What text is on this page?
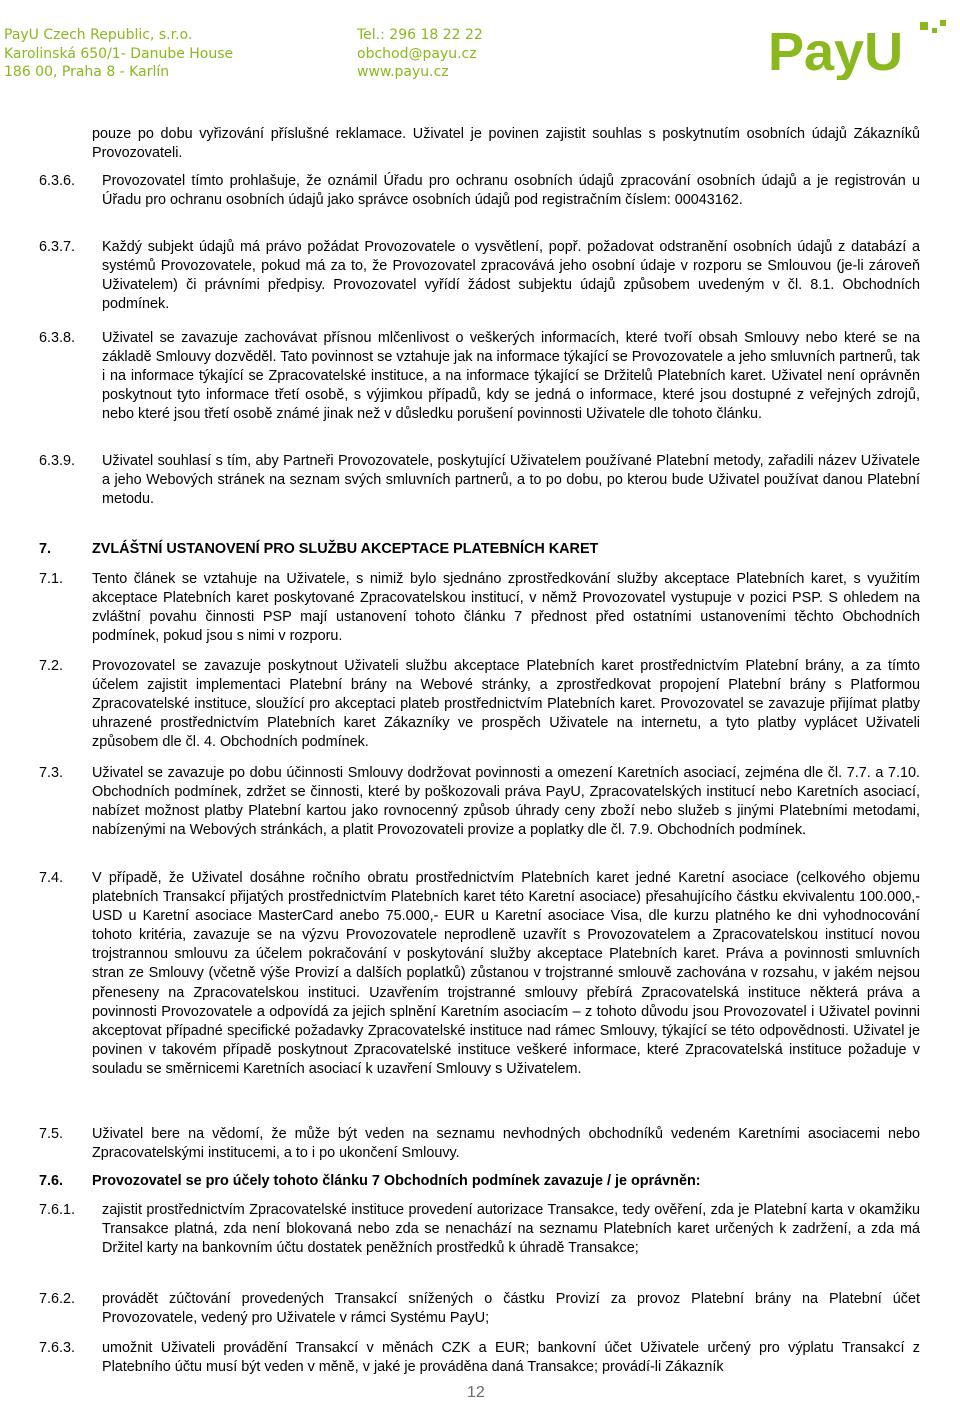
PayU Czech Republic, s.r.o.
Karolinská 650/1- Danube House
186 00, Praha 8 - Karlín
Tel.: 296 18 22 22
obchod@payu.cz
www.payu.cz	PayU
pouze po dobu vyřizování příslušné reklamace. Uživatel je povinen zajistit souhlas s poskytnutím osobních údajů Zákazníků Provozovateli.
6.3.6. Provozovatel tímto prohlašuje, že oznámil Úřadu pro ochranu osobních údajů zpracování osobních údajů a je registrován u Úřadu pro ochranu osobních údajů jako správce osobních údajů pod registračním číslem: 00043162.
6.3.7. Každý subjekt údajů má právo požádat Provozovatele o vysvětlení, popř. požadovat odstranění osobních údajů z databází a systémů Provozovatele, pokud má za to, že Provozovatel zpracovává jeho osobní údaje v rozporu se Smlouvou (je-li zároveň Uživatelem) či právními předpisy. Provozovatel vyřídí žádost subjektu údajů způsobem uvedeným v čl. 8.1. Obchodních podmínek.
6.3.8. Uživatel se zavazuje zachovávat přísnou mlčenlivost o veškerých informacích, které tvoří obsah Smlouvy nebo které se na základě Smlouvy dozvěděl. Tato povinnost se vztahuje jak na informace týkající se Provozovatele a jeho smluvních partnerů, tak i na informace týkající se Zpracovatelské instituce, a na informace týkající se Držitelů Platebních karet. Uživatel není oprávněn poskytnout tyto informace třetí osobě, s výjimkou případů, kdy se jedná o informace, které jsou dostupné z veřejných zdrojů, nebo které jsou třetí osobě známé jinak než v důsledku porušení povinnosti Uživatele dle tohoto článku.
6.3.9. Uživatel souhlasí s tím, aby Partneři Provozovatele, poskytující Uživatelem používané Platební metody, zařadili název Uživatele a jeho Webových stránek na seznam svých smluvních partnerů, a to po dobu, po kterou bude Uživatel používat danou Platební metodu.
7.	ZVLÁŠTNÍ USTANOVENÍ PRO SLUŽBU AKCEPTACE PLATEBNÍCH KARET
7.1. Tento článek se vztahuje na Uživatele, s nimiž bylo sjednáno zprostředkování služby akceptace Platebních karet, s využitím akceptace Platebních karet poskytované Zpracovatelskou institucí, v němž Provozovatel vystupuje v pozici PSP. S ohledem na zvláštní povahu činnosti PSP mají ustanovení tohoto článku 7 přednost před ostatními ustanoveními těchto Obchodních podmínek, pokud jsou s nimi v rozporu.
7.2. Provozovatel se zavazuje poskytnout Uživateli službu akceptace Platebních karet prostřednictvím Platební brány, a za tímto účelem zajistit implementaci Platební brány na Webové stránky, a zprostředkovat propojení Platební brány s Platformou Zpracovatelské instituce, sloužící pro akceptaci plateb prostřednictvím Platebních karet. Provozovatel se zavazuje přijímat platby uhrazené prostřednictvím Platebních karet Zákazníky ve prospěch Uživatele na internetu, a tyto platby vyplácet Uživateli způsobem dle čl. 4. Obchodních podmínek.
7.3. Uživatel se zavazuje po dobu účinnosti Smlouvy dodržovat povinnosti a omezení Karetních asociací, zejména dle čl. 7.7. a 7.10. Obchodních podmínek, zdržet se činnosti, které by poškozovali práva PayU, Zpracovatelských institucí nebo Karetních asociací, nabízet možnost platby Platební kartou jako rovnocenný způsob úhrady ceny zboží nebo služeb s jinými Platebními metodami, nabízenými na Webových stránkách, a platit Provozovateli provize a poplatky dle čl. 7.9. Obchodních podmínek.
7.4. V případě, že Uživatel dosáhne ročního obratu prostřednictvím Platebních karet jedné Karetní asociace (celkového objemu platebních Transakcí přijatých prostřednictvím Platebních karet této Karetní asociace) přesahujícího částku ekvivalentu 100.000,- USD u Karetní asociace MasterCard anebo 75.000,- EUR u Karetní asociace Visa, dle kurzu platného ke dni vyhodnocování tohoto kritéria, zavazuje se na výzvu Provozovatele neprodleně uzavřít s Provozovatelem a Zpracovatelskou institucí novou trojstrannou smlouvu za účelem pokračování v poskytování služby akceptace Platebních karet. Práva a povinnosti smluvních stran ze Smlouvy (včetně výše Provizí a dalších poplatků) zůstanou v trojstranné smlouvě zachována v rozsahu, v jakém nejsou přeneseny na Zpracovatelskou instituci. Uzavřením trojstranné smlouvy přebírá Zpracovatelská instituce některá práva a povinnosti Provozovatele a odpovídá za jejich splnění Karetním asociacím – z tohoto důvodu jsou Provozovatel i Uživatel povinni akceptovat případné specifické požadavky Zpracovatelské instituce nad rámec Smlouvy, týkající se této odpovědnosti. Uživatel je povinen v takovém případě poskytnout Zpracovatelské instituce veškeré informace, které Zpracovatelská instituce požaduje v souladu se směrnicemi Karetních asociací k uzavření Smlouvy s Uživatelem.
7.5. Uživatel bere na vědomí, že může být veden na seznamu nevhodných obchodníků vedeném Karetními asociacemi nebo Zpracovatelskými institucemi, a to i po ukončení Smlouvy.
7.6. Provozovatel se pro účely tohoto článku 7 Obchodních podmínek zavazuje / je oprávněn:
7.6.1. zajistit prostřednictvím Zpracovatelské instituce provedení autorizace Transakce, tedy ověření, zda je Platební karta v okamžiku Transakce platná, zda není blokovaná nebo zda se nenachází na seznamu Platebních karet určených k zadržení, a zda má Držitel karty na bankovním účtu dostatek peněžních prostředků k úhradě Transakce;
7.6.2. provádět zúčtování provedených Transakcí snížených o částku Provizí za provoz Platební brány na Platební účet Provozovatele, vedený pro Uživatele v rámci Systému PayU;
7.6.3. umožnit Uživateli provádění Transakcí v měnách CZK a EUR; bankovní účet Uživatele určený pro výplatu Transakcí z Platebního účtu musí být veden v měně, v jaké je prováděna daná Transakce; provádí-li Zákazník
12
